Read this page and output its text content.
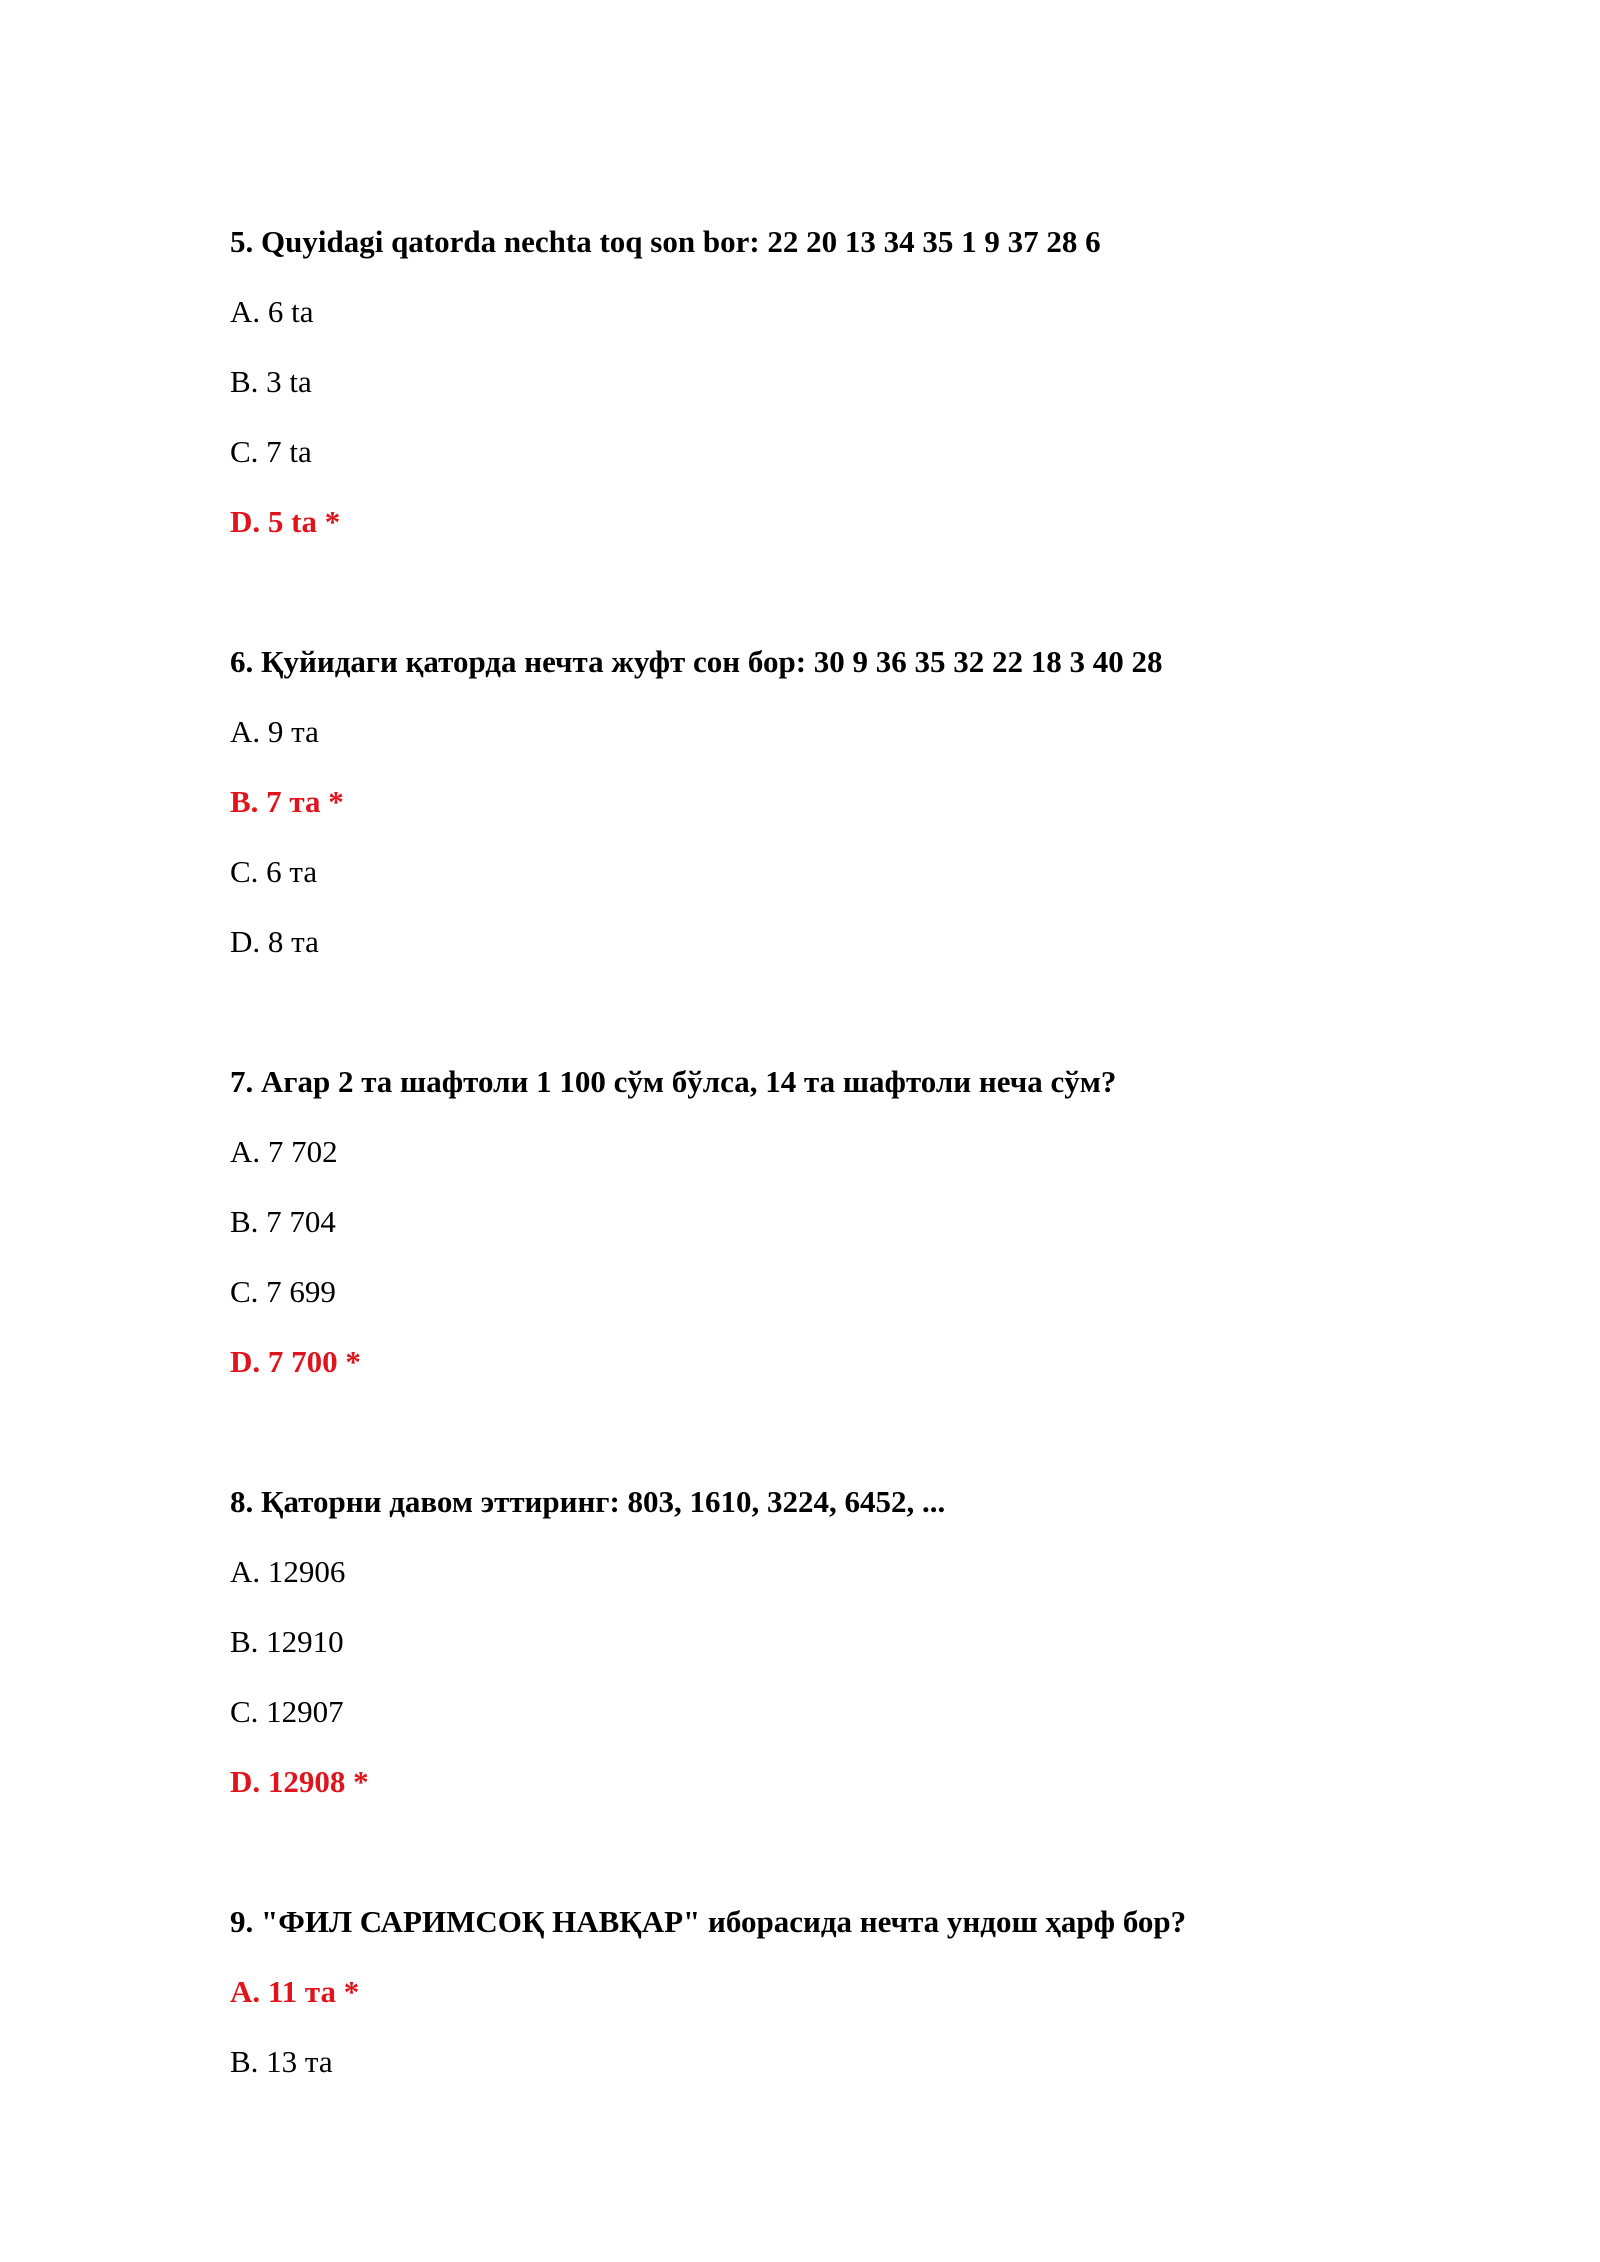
5. Quyidagi qatorda nechta toq son bor: 22 20 13 34 35 1 9 37 28 6
A. 6 ta
B. 3 ta
C. 7 ta
D. 5 ta *
6. Қуйидаги қаторда нечта жуфт сон бор: 30 9 36 35 32 22 18 3 40 28
A. 9 та
B. 7 та *
C. 6 та
D. 8 та
7. Агар 2 та шафтоли 1 100 сўм бўлса, 14 та шафтоли неча сўм?
A. 7 702
B. 7 704
C. 7 699
D. 7 700 *
8. Қаторни давом эттиринг: 803, 1610, 3224, 6452, ...
A. 12906
B. 12910
C. 12907
D. 12908 *
9. "ФИЛ САРИМСОҚ НАВҚАР" иборасида нечта ундош ҳарф бор?
A. 11 та *
B. 13 та
